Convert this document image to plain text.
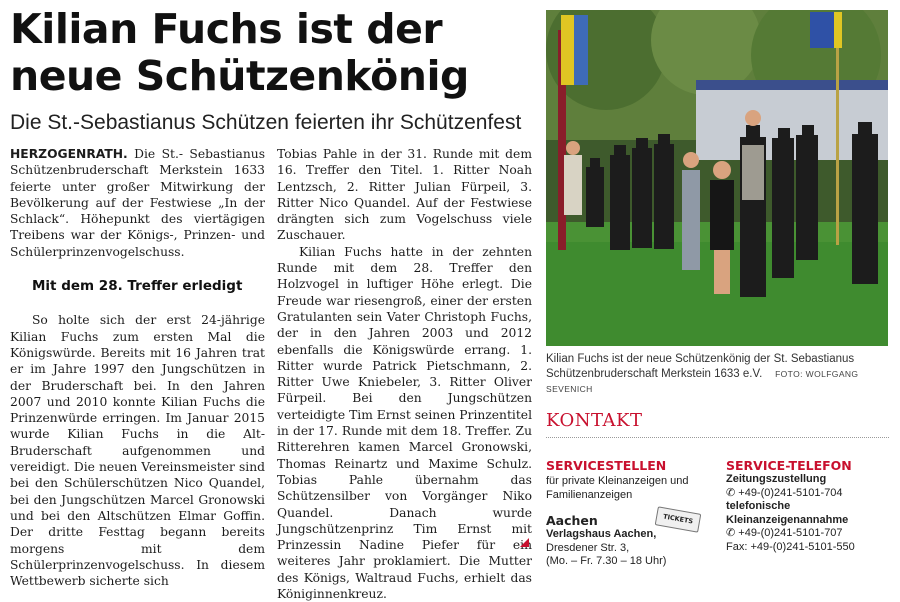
Kilian Fuchs ist der
neue Schützenkönig
Die St.-Sebastianus Schützen feierten ihr Schützenfest

HERZOGENRATH. Die St.- Sebastianus Schützenbruderschaft Merkstein 1633 feierte unter großer Mitwirkung der Bevölkerung auf der Festwiese „In der Schlack“. Höhepunkt des viertägigen Treibens war der Königs-, Prinzen- und Schülerprinzenvogelschuss.

Mit dem 28. Treffer erledigt

So holte sich der erst 24-jährige Kilian Fuchs zum ersten Mal die Königswürde. Bereits mit 16 Jahren trat er im Jahre 1997 den Jungschützen in der Bruderschaft bei. In den Jahren 2007 und 2010 konnte Kilian Fuchs die Prinzenwürde erringen. Im Januar 2015 wurde Kilian Fuchs in die Alt-Bruderschaft aufgenommen und vereidigt. Die neuen Vereinsmeister sind bei den Schülerschützen Nico Quandel, bei den Jungschützen Marcel Gronowski und bei den Altschützen Elmar Goffin. Der dritte Festtag begann bereits morgens mit dem Schülerprinzenvogelschuss. In diesem Wettbewerb sicherte sich

Tobias Pahle in der 31. Runde mit dem 16. Treffer den Titel. 1. Ritter Noah Lentzsch, 2. Ritter Julian Fürpeil, 3. Ritter Nico Quandel. Auf der Festwiese drängten sich zum Vogelschuss viele Zuschauer.

Kilian Fuchs hatte in der zehnten Runde mit dem 28. Treffer den Holzvogel in luftiger Höhe erlegt. Die Freude war riesengroß, einer der ersten Gratulanten sein Vater Christoph Fuchs, der in den Jahren 2003 und 2012 ebenfalls die Königswürde errang. 1. Ritter wurde Patrick Pietschmann, 2. Ritter Uwe Kniebeler, 3. Ritter Oliver Fürpeil. Bei den Jungschützen verteidigte Tim Ernst seinen Prinzentitel in der 17. Runde mit dem 18. Treffer. Zu Ritterehren kamen Marcel Gronowski, Thomas Reinartz und Maxime Schulz. Tobias Pahle übernahm das Schützensilber von Vorgänger Niko Quandel. Danach wurde Jungschützenprinz Tim Ernst mit Prinzessin Nadine Piefer für ein weiteres Jahr proklamiert. Die Mutter des Königs, Waltraud Fuchs, erhielt das Königinnenkreuz.

Kilian Fuchs ist der neue Schützenkönig der St. Sebastianus Schützenbruderschaft Merkstein 1633 e.V. FOTO: WOLFGANG SEVENICH
KONTAKT
SERVICESTELLEN
für private Kleinanzeigen und Familienanzeigen
Aachen
Verlagshaus Aachen,
Dresdener Str. 3,
(Mo. – Fr. 7.30 – 18 Uhr)
TICKETS
SERVICE-TELEFON
Zeitungszustellung
✆ +49-(0)241-5101-704
telefonische
Kleinanzeigenannahme
✆ +49-(0)241-5101-707
Fax: +49-(0)241-5101-550
